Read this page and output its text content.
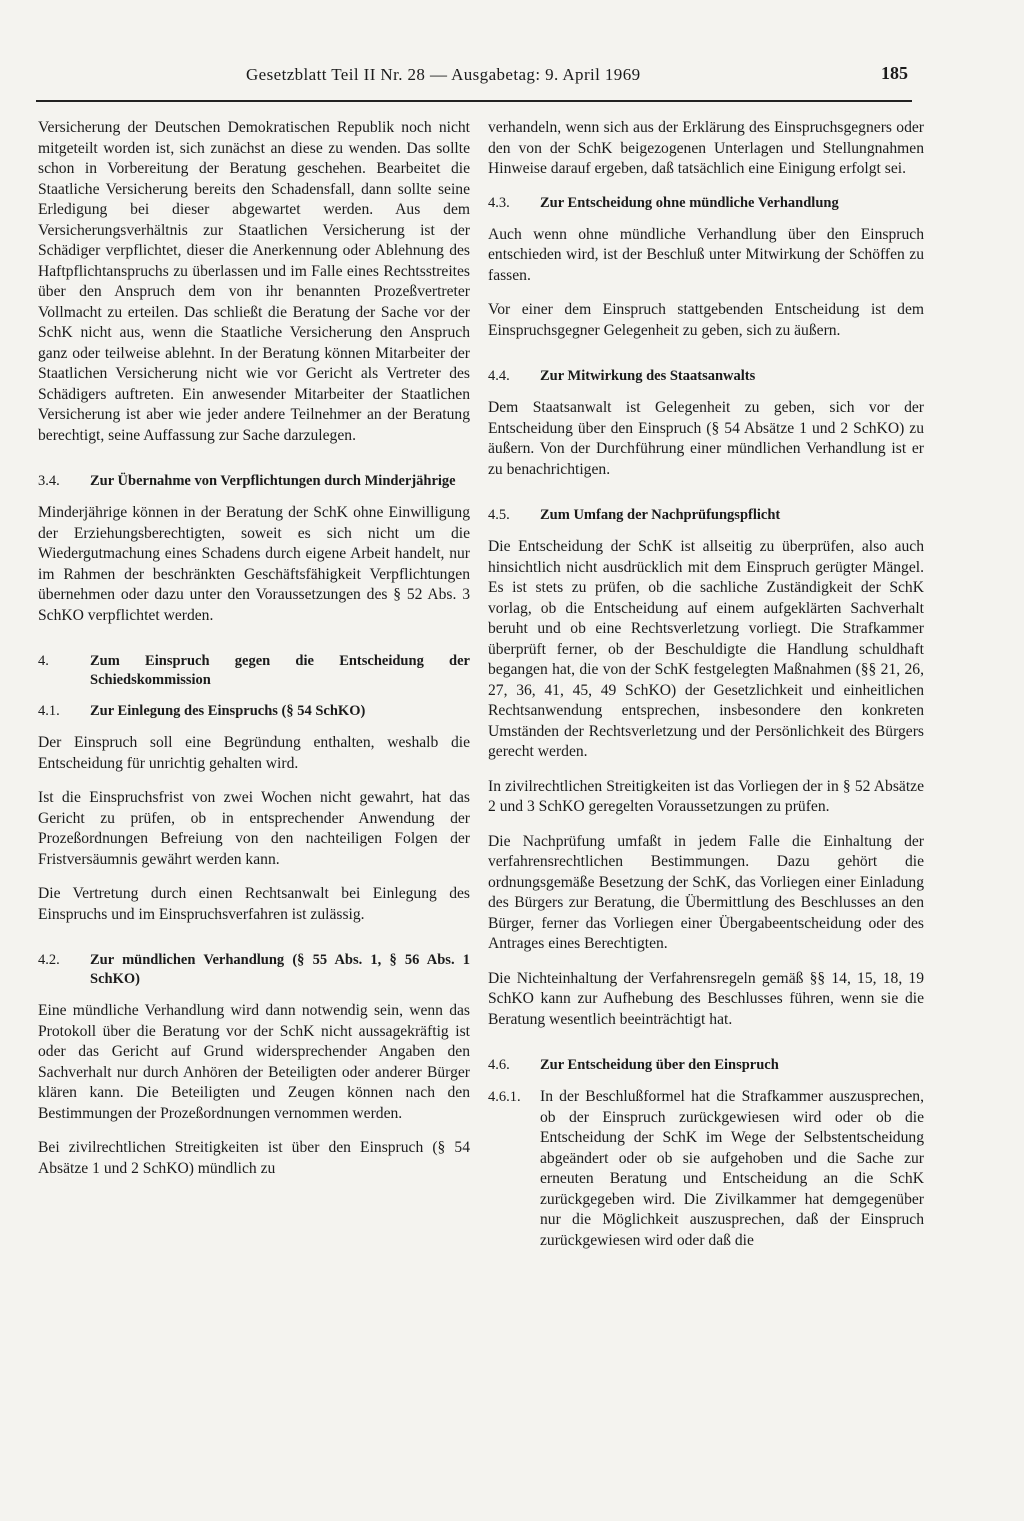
Gesetzblatt Teil II Nr. 28 — Ausgabetag: 9. April 1969	185

Versicherung der Deutschen Demokratischen Republik noch nicht mitgeteilt worden ist, sich zunächst an diese zu wenden. Das sollte schon in Vorbereitung der Beratung geschehen. Bearbeitet die Staatliche Versicherung bereits den Schadensfall, dann sollte seine Erledigung bei dieser abgewartet werden. Aus dem Versicherungsverhältnis zur Staatlichen Versicherung ist der Schädiger verpflichtet, dieser die Anerkennung oder Ablehnung des Haftpflichtanspruchs zu überlassen und im Falle eines Rechtsstreites über den Anspruch dem von ihr benannten Prozeßvertreter Vollmacht zu erteilen. Das schließt die Beratung der Sache vor der SchK nicht aus, wenn die Staatliche Versicherung den Anspruch ganz oder teilweise ablehnt. In der Beratung können Mitarbeiter der Staatlichen Versicherung nicht wie vor Gericht als Vertreter des Schädigers auftreten. Ein anwesender Mitarbeiter der Staatlichen Versicherung ist aber wie jeder andere Teilnehmer an der Beratung berechtigt, seine Auffassung zur Sache darzulegen.

3.4.	Zur Übernahme von Verpflichtungen durch Minderjährige

Minderjährige können in der Beratung der SchK ohne Einwilligung der Erziehungsberechtigten, soweit es sich nicht um die Wiedergutmachung eines Schadens durch eigene Arbeit handelt, nur im Rahmen der beschränkten Geschäftsfähigkeit Verpflichtungen übernehmen oder dazu unter den Voraussetzungen des § 52 Abs. 3 SchKO verpflichtet werden.

4.	Zum Einspruch gegen die Entscheidung der Schiedskommission
4.1.	Zur Einlegung des Einspruchs (§ 54 SchKO)

Der Einspruch soll eine Begründung enthalten, weshalb die Entscheidung für unrichtig gehalten wird.

Ist die Einspruchsfrist von zwei Wochen nicht gewahrt, hat das Gericht zu prüfen, ob in entsprechender Anwendung der Prozeßordnungen Befreiung von den nachteiligen Folgen der Fristversäumnis gewährt werden kann.

Die Vertretung durch einen Rechtsanwalt bei Einlegung des Einspruchs und im Einspruchsverfahren ist zulässig.

4.2.	Zur mündlichen Verhandlung (§ 55 Abs. 1, § 56 Abs. 1 SchKO)

Eine mündliche Verhandlung wird dann notwendig sein, wenn das Protokoll über die Beratung vor der SchK nicht aussagekräftig ist oder das Gericht auf Grund widersprechender Angaben den Sachverhalt nur durch Anhören der Beteiligten oder anderer Bürger klären kann. Die Beteiligten und Zeugen können nach den Bestimmungen der Prozeßordnungen vernommen werden.

Bei zivilrechtlichen Streitigkeiten ist über den Einspruch (§ 54 Absätze 1 und 2 SchKO) mündlich zu

verhandeln, wenn sich aus der Erklärung des Einspruchsgegners oder den von der SchK beigezogenen Unterlagen und Stellungnahmen Hinweise darauf ergeben, daß tatsächlich eine Einigung erfolgt sei.

4.3.	Zur Entscheidung ohne mündliche Verhandlung

Auch wenn ohne mündliche Verhandlung über den Einspruch entschieden wird, ist der Beschluß unter Mitwirkung der Schöffen zu fassen.

Vor einer dem Einspruch stattgebenden Entscheidung ist dem Einspruchsgegner Gelegenheit zu geben, sich zu äußern.

4.4.	Zur Mitwirkung des Staatsanwalts

Dem Staatsanwalt ist Gelegenheit zu geben, sich vor der Entscheidung über den Einspruch (§ 54 Absätze 1 und 2 SchKO) zu äußern. Von der Durchführung einer mündlichen Verhandlung ist er zu benachrichtigen.

4.5.	Zum Umfang der Nachprüfungspflicht

Die Entscheidung der SchK ist allseitig zu überprüfen, also auch hinsichtlich nicht ausdrücklich mit dem Einspruch gerügter Mängel. Es ist stets zu prüfen, ob die sachliche Zuständigkeit der SchK vorlag, ob die Entscheidung auf einem aufgeklärten Sachverhalt beruht und ob eine Rechtsverletzung vorliegt. Die Strafkammer überprüft ferner, ob der Beschuldigte die Handlung schuldhaft begangen hat, die von der SchK festgelegten Maßnahmen (§§ 21, 26, 27, 36, 41, 45, 49 SchKO) der Gesetzlichkeit und einheitlichen Rechtsanwendung entsprechen, insbesondere den konkreten Umständen der Rechtsverletzung und der Persönlichkeit des Bürgers gerecht werden.

In zivilrechtlichen Streitigkeiten ist das Vorliegen der in § 52 Absätze 2 und 3 SchKO geregelten Voraussetzungen zu prüfen.

Die Nachprüfung umfaßt in jedem Falle die Einhaltung der verfahrensrechtlichen Bestimmungen. Dazu gehört die ordnungsgemäße Besetzung der SchK, das Vorliegen einer Einladung des Bürgers zur Beratung, die Übermittlung des Beschlusses an den Bürger, ferner das Vorliegen einer Übergabeentscheidung oder des Antrages eines Berechtigten.

Die Nichteinhaltung der Verfahrensregeln gemäß §§ 14, 15, 18, 19 SchKO kann zur Aufhebung des Beschlusses führen, wenn sie die Beratung wesentlich beeinträchtigt hat.

4.6.	Zur Entscheidung über den Einspruch
4.6.1.	In der Beschlußformel hat die Strafkammer auszusprechen, ob der Einspruch zurückgewiesen wird oder ob die Entscheidung der SchK im Wege der Selbstentscheidung abgeändert oder ob sie aufgehoben und die Sache zur erneuten Beratung und Entscheidung an die SchK zurückgegeben wird. Die Zivilkammer hat demgegenüber nur die Möglichkeit auszusprechen, daß der Einspruch zurückgewiesen wird oder daß die
